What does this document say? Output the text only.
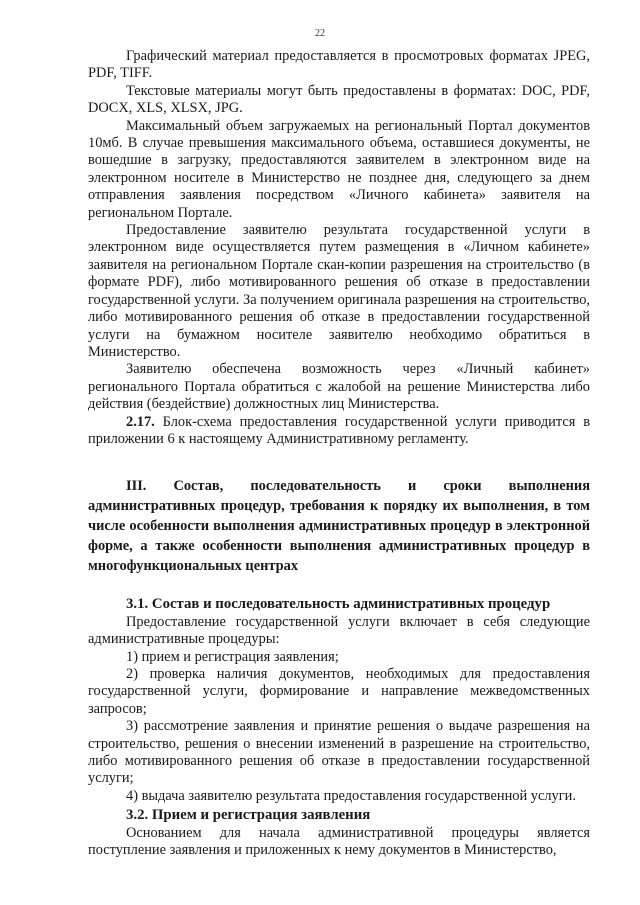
22

Графический материал предоставляется в просмотровых форматах JPEG, PDF, TIFF.

Текстовые материалы могут быть предоставлены в форматах: DOC, PDF, DOCX, XLS, XLSX, JPG.

Максимальный объем загружаемых на региональный Портал документов 10мб. В случае превышения максимального объема, оставшиеся документы, не вошедшие в загрузку, предоставляются заявителем в электронном виде на электронном носителе в Министерство не позднее дня, следующего за днем отправления заявления посредством «Личного кабинета» заявителя на региональном Портале.

Предоставление заявителю результата государственной услуги в электронном виде осуществляется путем размещения в «Личном кабинете» заявителя на региональном Портале скан-копии разрешения на строительство (в формате PDF), либо мотивированного решения об отказе в предоставлении государственной услуги. За получением оригинала разрешения на строительство, либо мотивированного решения об отказе в предоставлении государственной услуги на бумажном носителе заявителю необходимо обратиться в Министерство.

Заявителю обеспечена возможность через «Личный кабинет» регионального Портала обратиться с жалобой на решение Министерства либо действия (бездействие) должностных лиц Министерства.

2.17. Блок-схема предоставления государственной услуги приводится в приложении 6 к настоящему Административному регламенту.

III. Состав, последовательность и сроки выполнения административных процедур, требования к порядку их выполнения, в том числе особенности выполнения административных процедур в электронной форме, а также особенности выполнения административных процедур в многофункциональных центрах

3.1. Состав и последовательность административных процедур

Предоставление государственной услуги включает в себя следующие административные процедуры:

1) прием и регистрация заявления;

2) проверка наличия документов, необходимых для предоставления государственной услуги, формирование и направление межведомственных запросов;

3) рассмотрение заявления и принятие решения о выдаче разрешения на строительство, решения о внесении изменений в разрешение на строительство, либо мотивированного решения об отказе в предоставлении государственной услуги;

4) выдача заявителю результата предоставления государственной услуги.

3.2. Прием и регистрация заявления

Основанием для начала административной процедуры является поступление заявления и приложенных к нему документов в Министерство,
